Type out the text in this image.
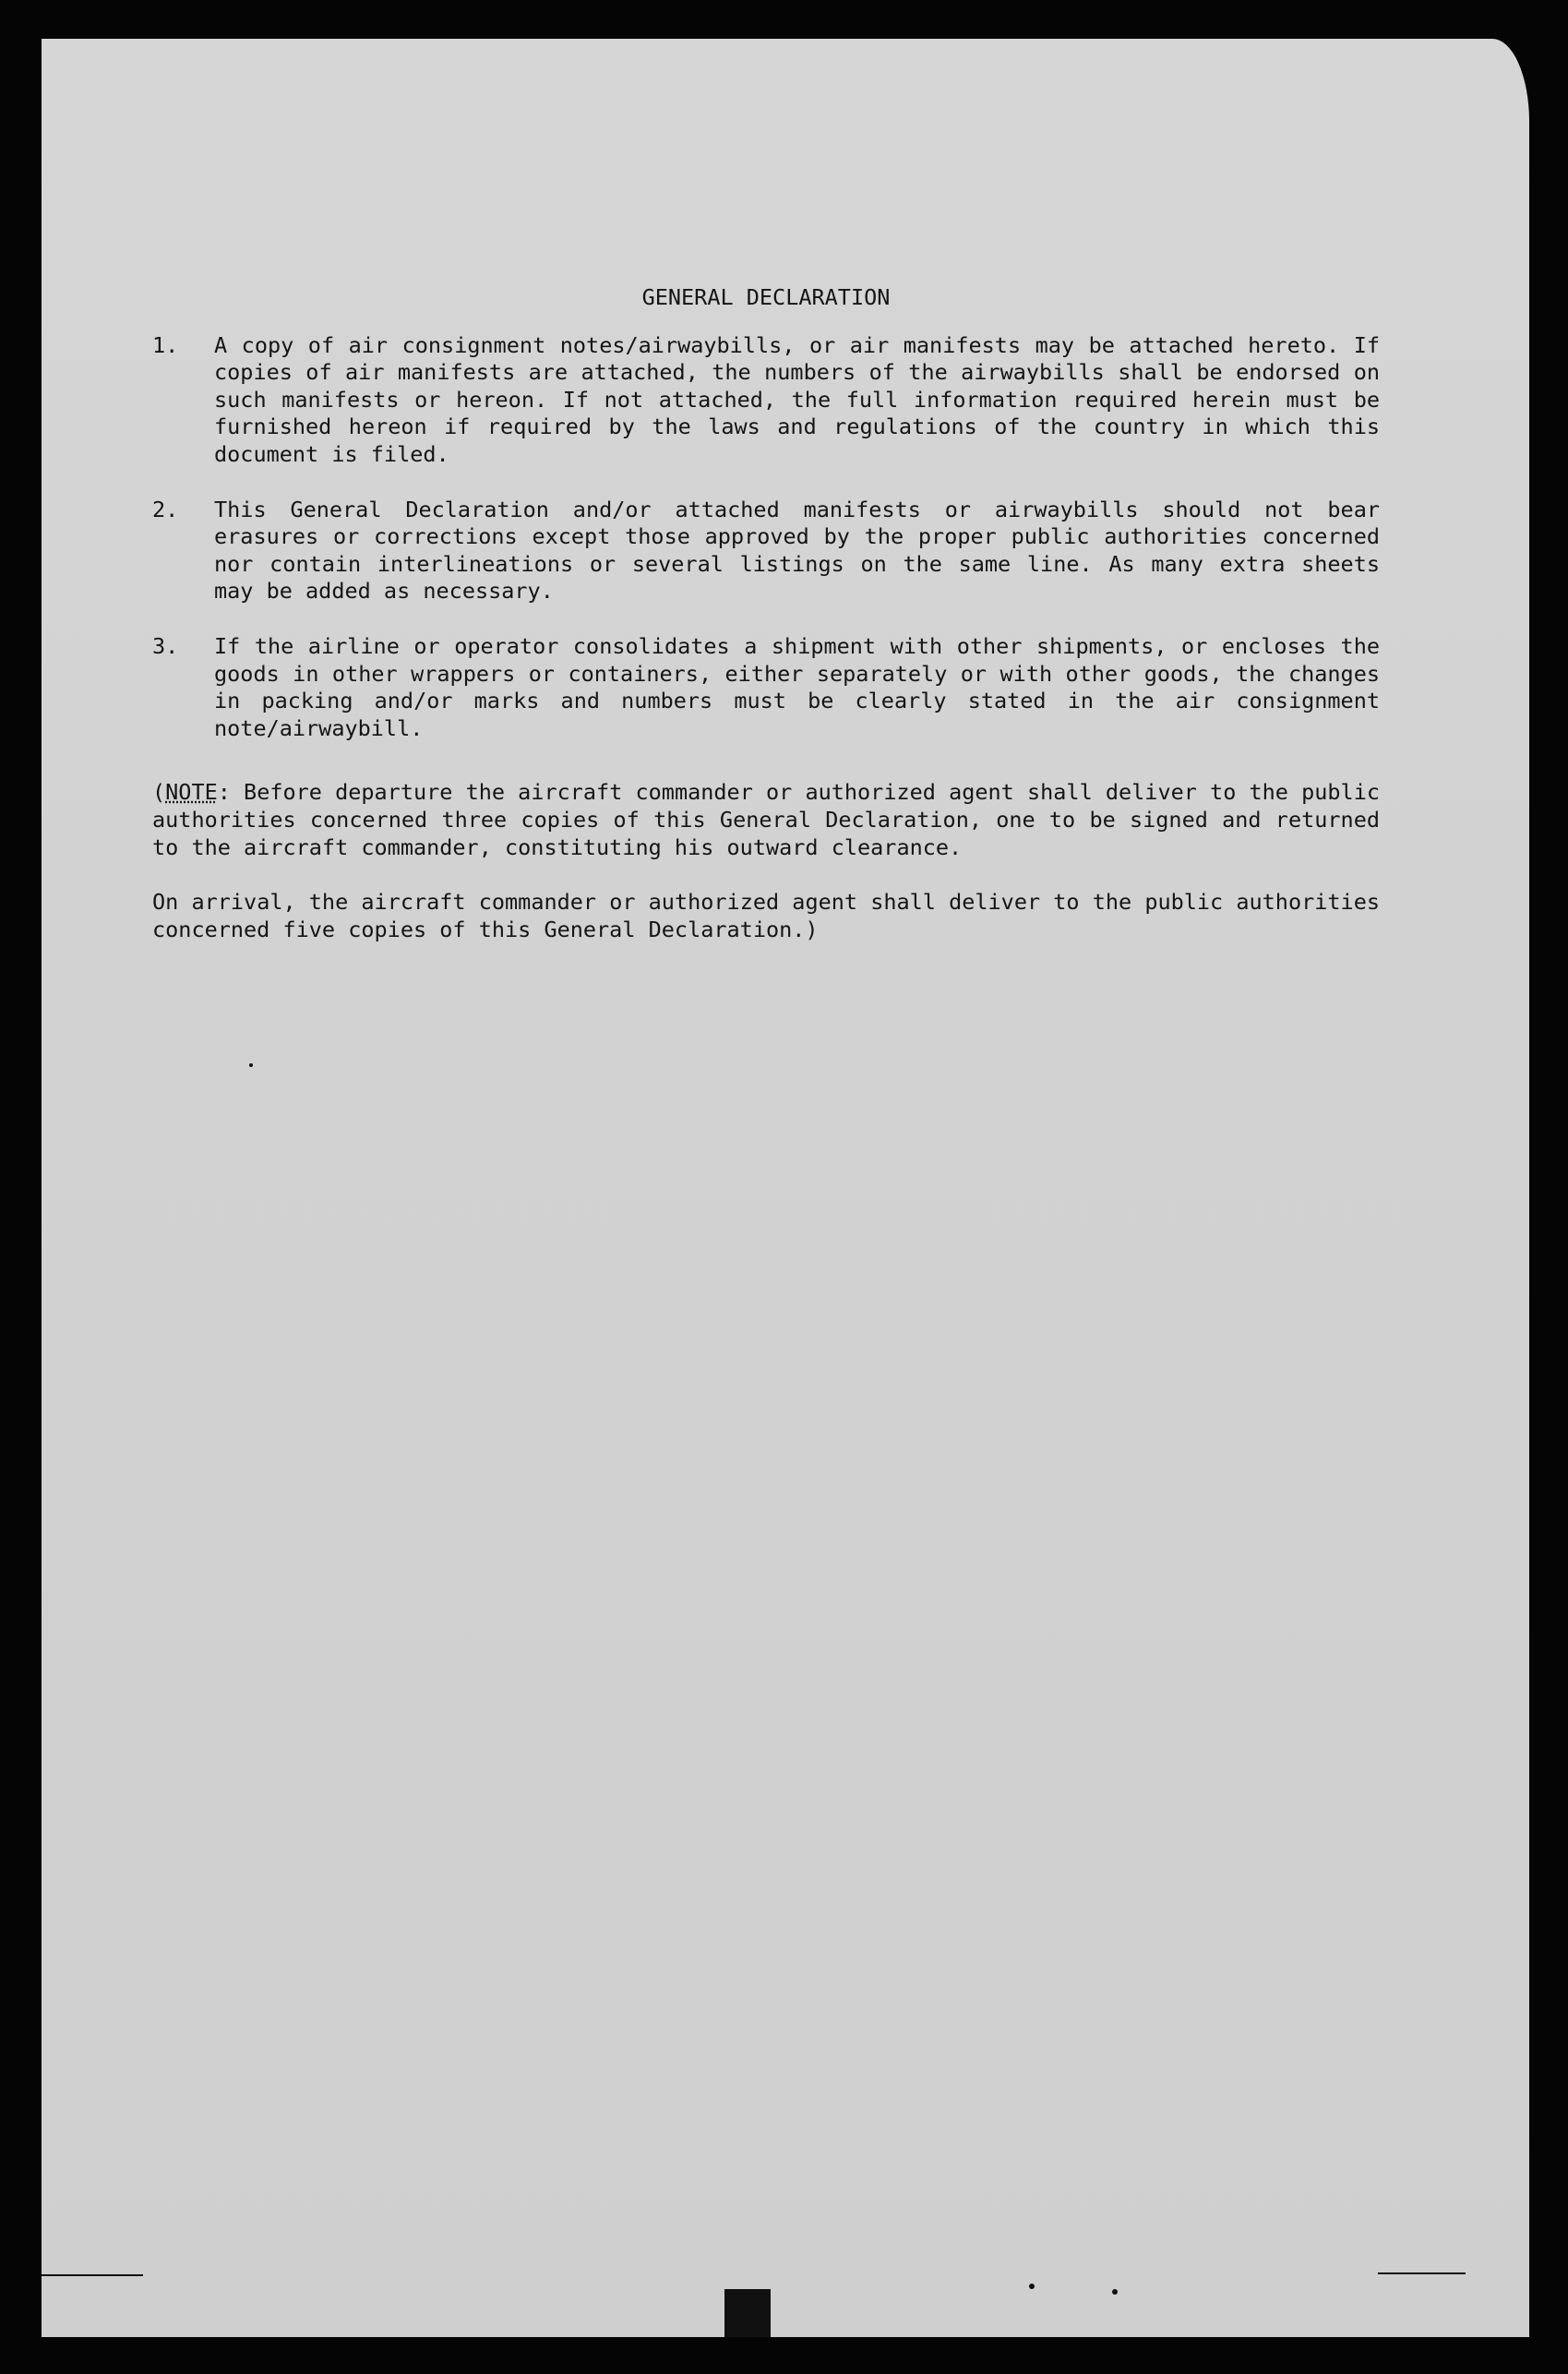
GENERAL DECLARATION
1. A copy of air consignment notes/airwaybills, or air manifests may be attached hereto. If copies of air manifests are attached, the numbers of the airwaybills shall be endorsed on such manifests or hereon. If not attached, the full information required herein must be furnished hereon if required by the laws and regulations of the country in which this document is filed.
2. This General Declaration and/or attached manifests or airwaybills should not bear erasures or corrections except those approved by the proper public authorities concerned nor contain interlineations or several listings on the same line. As many extra sheets may be added as necessary.
3. If the airline or operator consolidates a shipment with other shipments, or encloses the goods in other wrappers or containers, either separately or with other goods, the changes in packing and/or marks and numbers must be clearly stated in the air consignment note/airwaybill.
(NOTE: Before departure the aircraft commander or authorized agent shall deliver to the public authorities concerned three copies of this General Declaration, one to be signed and returned to the aircraft commander, constituting his outward clearance.
On arrival, the aircraft commander or authorized agent shall deliver to the public authorities concerned five copies of this General Declaration.)
